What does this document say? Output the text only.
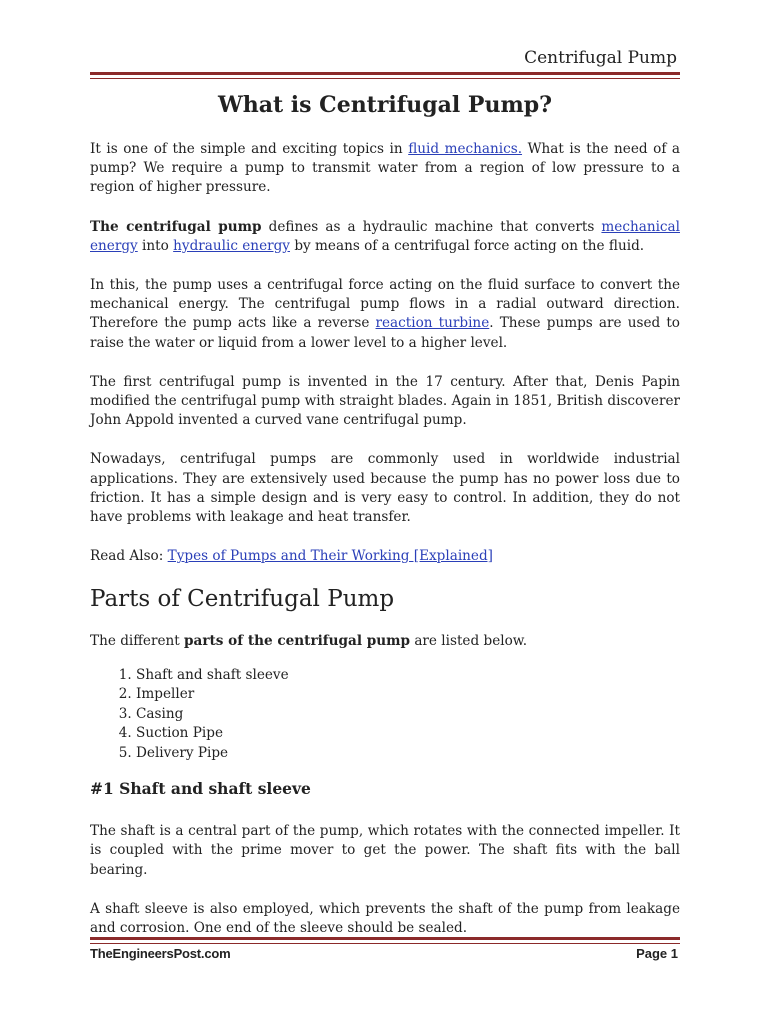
Centrifugal Pump
What is Centrifugal Pump?

It is one of the simple and exciting topics in fluid mechanics. What is the need of a pump? We require a pump to transmit water from a region of low pressure to a region of higher pressure.

The centrifugal pump defines as a hydraulic machine that converts mechanical energy into hydraulic energy by means of a centrifugal force acting on the fluid.

In this, the pump uses a centrifugal force acting on the fluid surface to convert the mechanical energy. The centrifugal pump flows in a radial outward direction. Therefore the pump acts like a reverse reaction turbine. These pumps are used to raise the water or liquid from a lower level to a higher level.

The first centrifugal pump is invented in the 17 century. After that, Denis Papin modified the centrifugal pump with straight blades. Again in 1851, British discoverer John Appold invented a curved vane centrifugal pump.

Nowadays, centrifugal pumps are commonly used in worldwide industrial applications. They are extensively used because the pump has no power loss due to friction. It has a simple design and is very easy to control. In addition, they do not have problems with leakage and heat transfer.

Read Also: Types of Pumps and Their Working [Explained]

Parts of Centrifugal Pump

The different parts of the centrifugal pump are listed below.

1. Shaft and shaft sleeve
2. Impeller
3. Casing
4. Suction Pipe
5. Delivery Pipe
#1 Shaft and shaft sleeve

The shaft is a central part of the pump, which rotates with the connected impeller. It is coupled with the prime mover to get the power. The shaft fits with the ball bearing.

A shaft sleeve is also employed, which prevents the shaft of the pump from leakage and corrosion. One end of the sleeve should be sealed.

TheEngineersPost.com	Page 1
